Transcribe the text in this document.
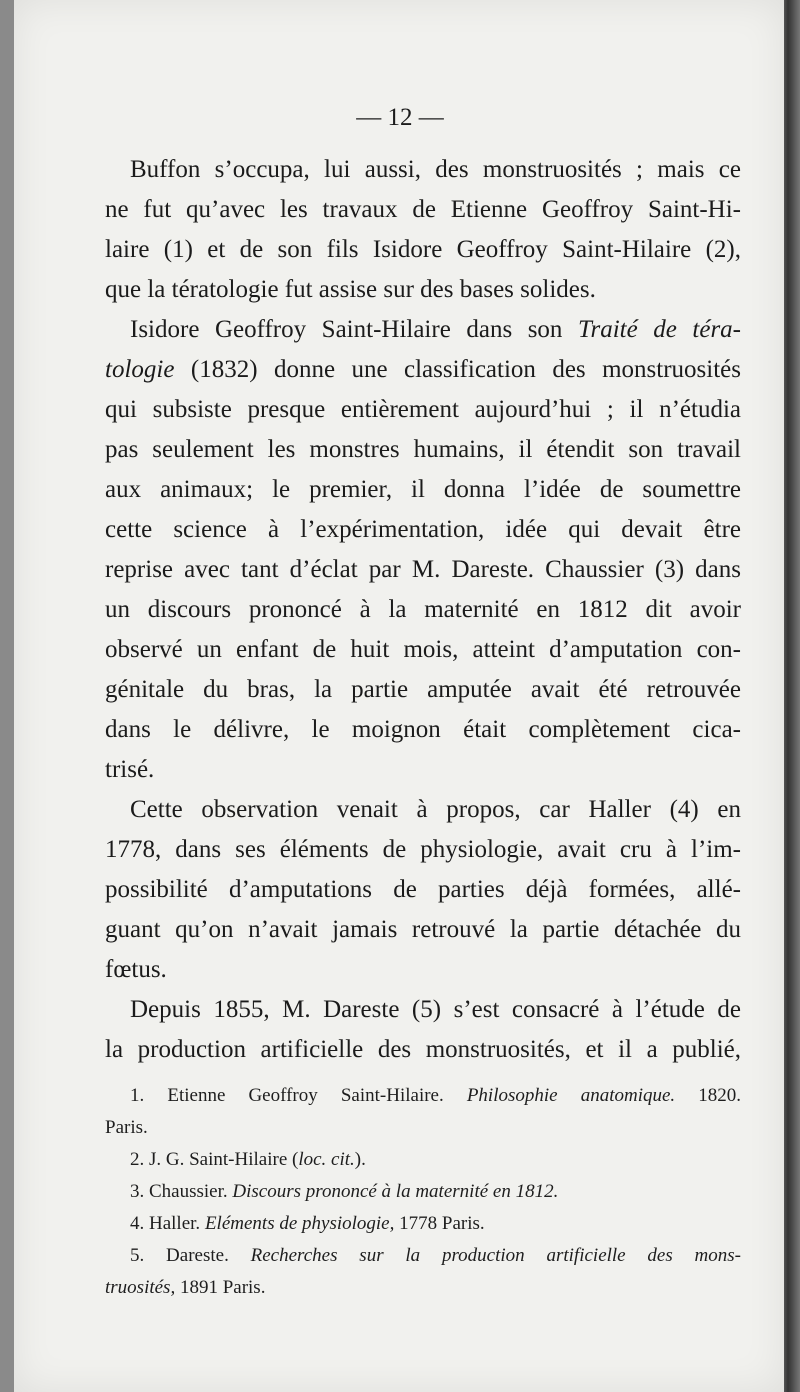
— 12 —
Buffon s’occupa, lui aussi, des monstruosités ; mais ce
ne fut qu’avec les travaux de Etienne Geoffroy Saint-Hi-
laire (1) et de son fils Isidore Geoffroy Saint-Hilaire (2),
que la tératologie fut assise sur des bases solides.
Isidore Geoffroy Saint-Hilaire dans son Traité de téra-
tologie (1832) donne une classification des monstruosités
qui subsiste presque entièrement aujourd’hui ; il n’étudia
pas seulement les monstres humains, il étendit son travail
aux animaux; le premier, il donna l’idée de soumettre
cette science à l’expérimentation, idée qui devait être
reprise avec tant d’éclat par M. Dareste. Chaussier (3) dans
un discours prononcé à la maternité en 1812 dit avoir
observé un enfant de huit mois, atteint d’amputation con-
génitale du bras, la partie amputée avait été retrouvée
dans le délivre, le moignon était complètement cica-
trisé.
Cette observation venait à propos, car Haller (4) en
1778, dans ses éléments de physiologie, avait cru à l’im-
possibilité d’amputations de parties déjà formées, allé-
guant qu’on n’avait jamais retrouvé la partie détachée du
fœtus.
Depuis 1855, M. Dareste (5) s’est consacré à l’étude de
la production artificielle des monstruosités, et il a publié,
1. Etienne Geoffroy Saint-Hilaire. Philosophie anatomique. 1820.
Paris.
2. J. G. Saint-Hilaire (loc. cit.).
3. Chaussier. Discours prononcé à la maternité en 1812.
4. Haller. Eléments de physiologie, 1778 Paris.
5. Dareste. Recherches sur la production artificielle des mons-
truosités, 1891 Paris.
